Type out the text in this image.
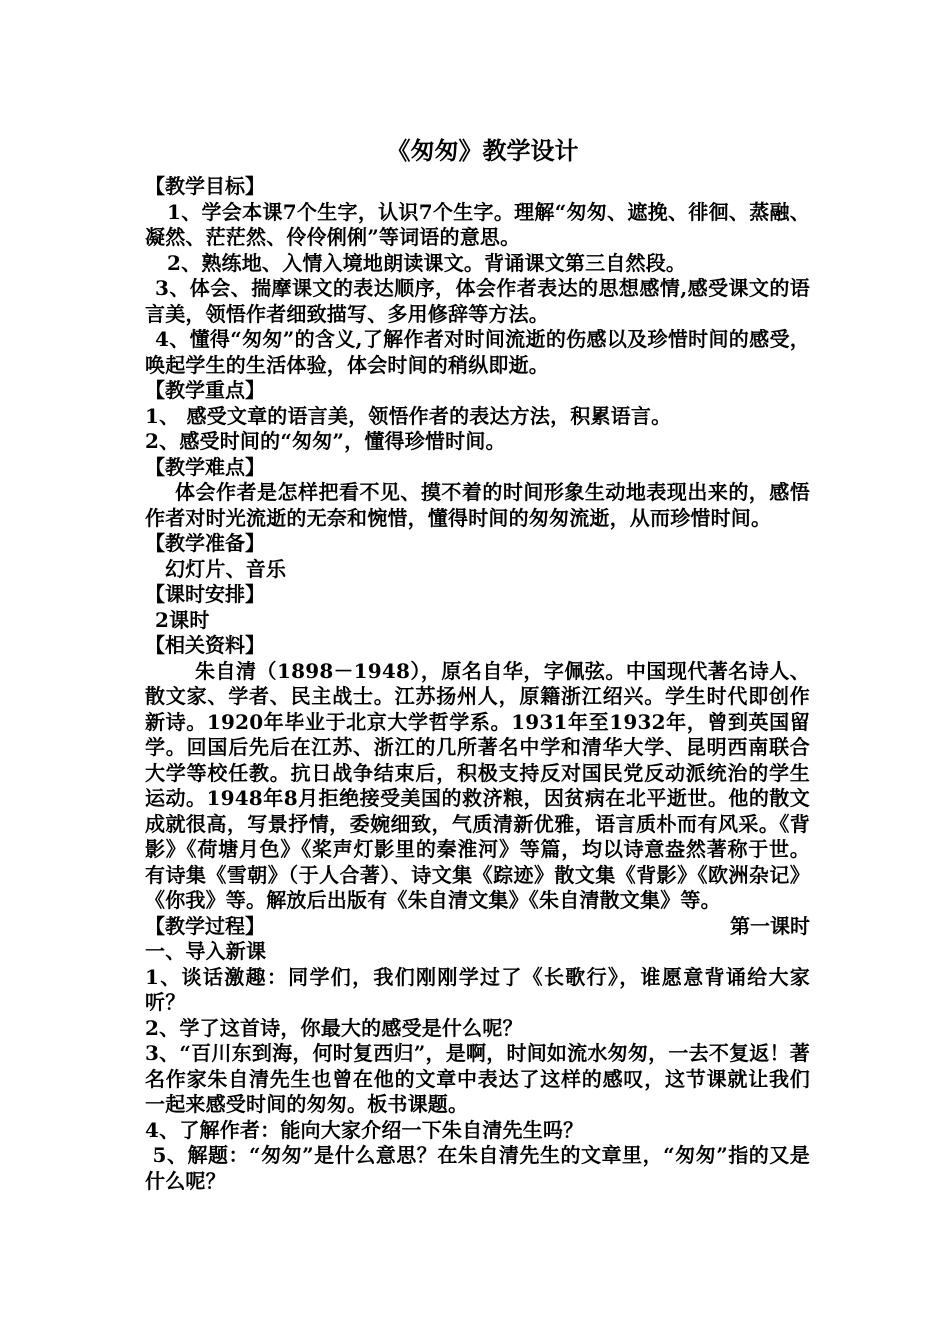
《匆匆》教学设计
【教学目标】
1、学会本课7个生字，认识7个生字。理解“匆匆、遮挽、徘徊、蒸融、凝然、茫茫然、伶伶俐俐”等词语的意思。
2、熟练地、入情入境地朗读课文。背诵课文第三自然段。
3、体会、揣摩课文的表达顺序，体会作者表达的思想感情,感受课文的语言美，领悟作者细致描写、多用修辞等方法。
4、懂得“匆匆”的含义,了解作者对时间流逝的伤感以及珍惜时间的感受，唤起学生的生活体验，体会时间的稍纵即逝。
【教学重点】
1、 感受文章的语言美，领悟作者的表达方法，积累语言。
2、感受时间的“匆匆”，懂得珍惜时间。
【教学难点】
体会作者是怎样把看不见、摸不着的时间形象生动地表现出来的，感悟作者对时光流逝的无奈和惋惜，懂得时间的匆匆流逝，从而珍惜时间。
【教学准备】
幻灯片、音乐
【课时安排】
2课时
【相关资料】
朱自清（1898－1948），原名自华，字佩弦。中国现代著名诗人、散文家、学者、民主战士。江苏扬州人，原籍浙江绍兴。学生时代即创作新诗。1920年毕业于北京大学哲学系。1931年至1932年，曾到英国留学。回国后先后在江苏、浙江的几所著名中学和清华大学、昆明西南联合大学等校任教。抗日战争结束后，积极支持反对国民党反动派统治的学生运动。1948年8月拒绝接受美国的救济粮，因贫病在北平逝世。他的散文成就很高，写景抒情，委婉细致，气质清新优雅，语言质朴而有风采。《背影》《荷塘月色》《桨声灯影里的秦淮河》等篇，均以诗意盎然著称于世。有诗集《雪朝》（于人合著）、诗文集《踪迹》散文集《背影》《欧洲杂记》《你我》等。解放后出版有《朱自清文集》《朱自清散文集》等。
【教学过程】	第一课时
一、导入新课
1、谈话激趣：同学们，我们刚刚学过了《长歌行》，谁愿意背诵给大家听？
2、学了这首诗，你最大的感受是什么呢？
3、“百川东到海，何时复西归”，是啊，时间如流水匆匆，一去不复返！著名作家朱自清先生也曾在他的文章中表达了这样的感叹，这节课就让我们一起来感受时间的匆匆。板书课题。
4、了解作者：能向大家介绍一下朱自清先生吗？
5、解题：“匆匆”是什么意思？在朱自清先生的文章里，“匆匆”指的又是什么呢？
